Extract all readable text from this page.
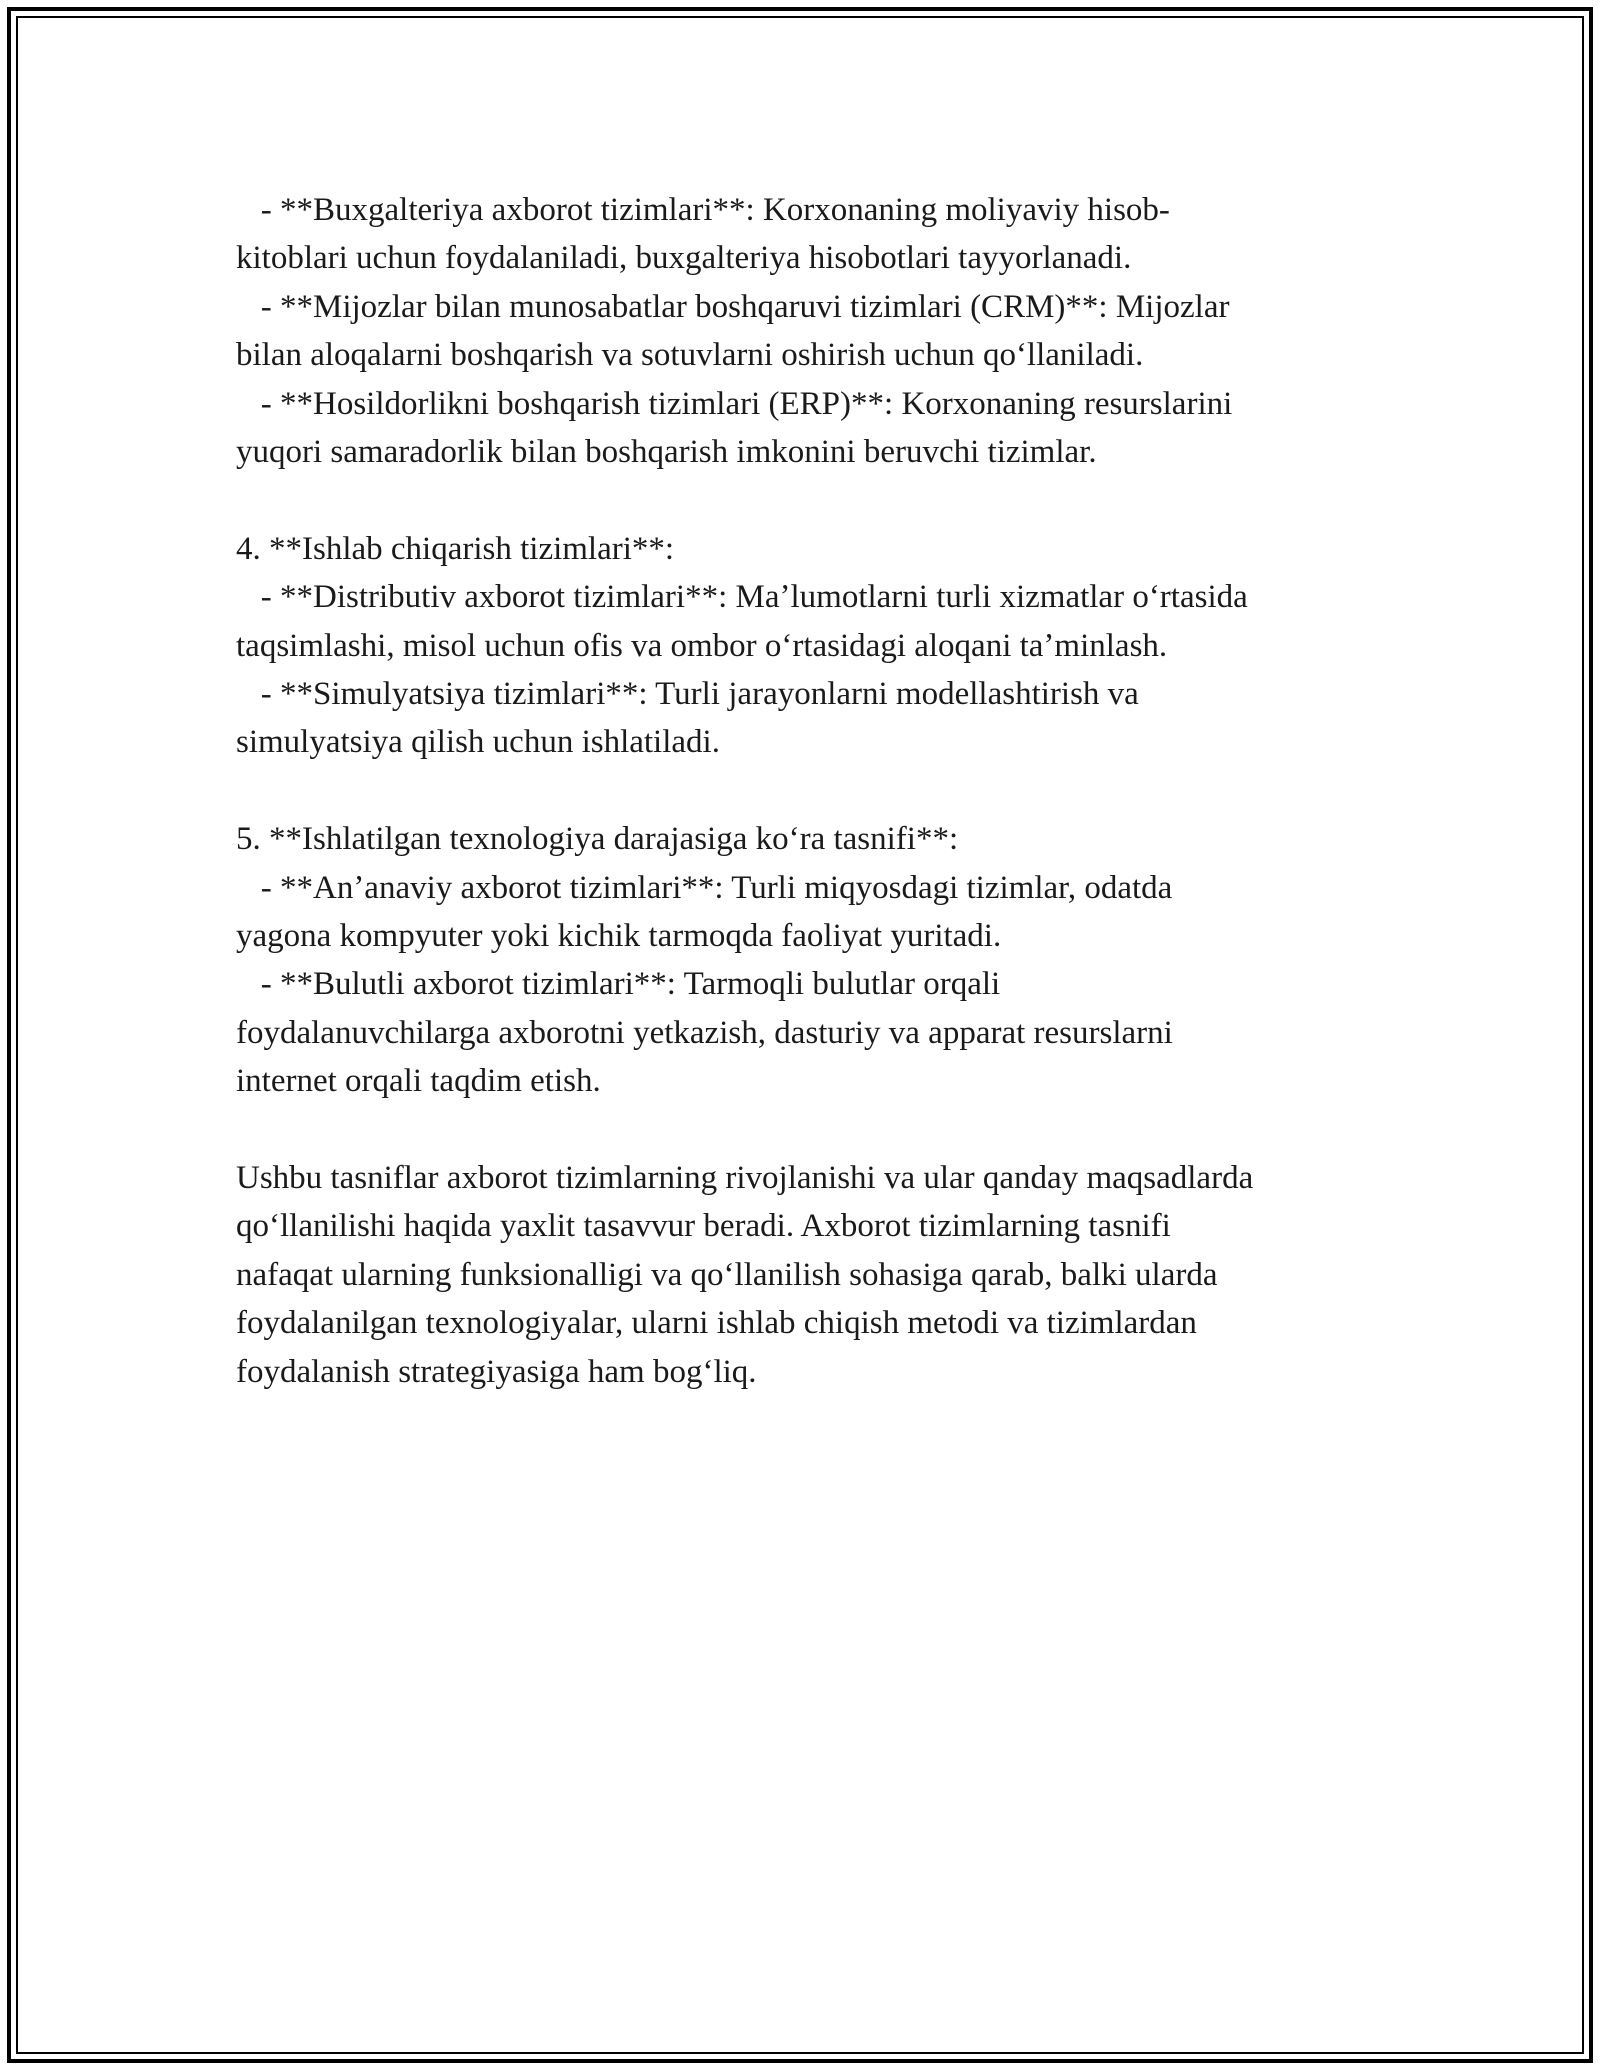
- **Buxgalteriya axborot tizimlari**: Korxonaning moliyaviy hisob-

kitoblari uchun foydalaniladi, buxgalteriya hisobotlari tayyorlanadi.

- **Mijozlar bilan munosabatlar boshqaruvi tizimlari (CRM)**: Mijozlar

bilan aloqalarni boshqarish va sotuvlarni oshirish uchun qoʻllaniladi.

- **Hosildorlikni boshqarish tizimlari (ERP)**: Korxonaning resurslarini

yuqori samaradorlik bilan boshqarish imkonini beruvchi tizimlar.

4. **Ishlab chiqarish tizimlari**:

- **Distributiv axborot tizimlari**: Maʼlumotlarni turli xizmatlar oʻrtasida

taqsimlashi, misol uchun ofis va ombor oʻrtasidagi aloqani taʼminlash.

- **Simulyatsiya tizimlari**: Turli jarayonlarni modellashtirish va

simulyatsiya qilish uchun ishlatiladi.

5. **Ishlatilgan texnologiya darajasiga koʻra tasnifi**:

- **Anʼanaviy axborot tizimlari**: Turli miqyosdagi tizimlar, odatda

yagona kompyuter yoki kichik tarmoqda faoliyat yuritadi.

- **Bulutli axborot tizimlari**: Tarmoqli bulutlar orqali

foydalanuvchilarga axborotni yetkazish, dasturiy va apparat resurslarni

internet orqali taqdim etish.

Ushbu tasniflar axborot tizimlarning rivojlanishi va ular qanday maqsadlarda

qoʻllanilishi haqida yaxlit tasavvur beradi. Axborot tizimlarning tasnifi

nafaqat ularning funksionalligi va qoʻllanilish sohasiga qarab, balki ularda

foydalanilgan texnologiyalar, ularni ishlab chiqish metodi va tizimlardan

foydalanish strategiyasiga ham bogʻliq.
